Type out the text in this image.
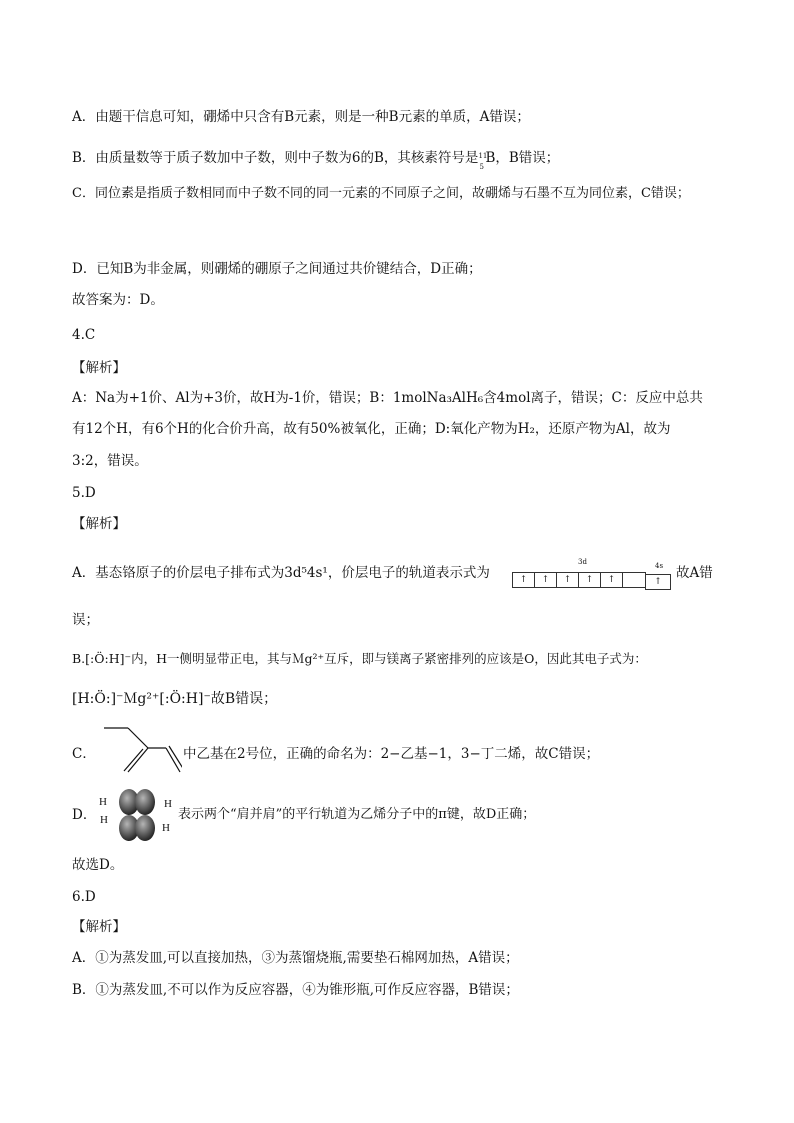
A．由题干信息可知，硼烯中只含有B元素，则是一种B元素的单质，A错误；
B．由质量数等于质子数加中子数，则中子数为6的B，其核素符号是 11
5
B，B错误；
C．同位素是指质子数相同而中子数不同的同一元素的不同原子之间，故硼烯与石墨不互为同位素，C错误；
D．已知B为非金属，则硼烯的硼原子之间通过共价键结合，D正确；
故答案为：D。
4.C
【解析】
A：Na为+1价、Al为+3价，故H为-1价，错误；B：1molNa₃AlH₆含4mol离子，错误；C：反应中总共
有12个H，有6个H的化合价升高，故有50%被氧化，正确；D:氧化产物为H₂，还原产物为Al，故为
3:2，错误。
5.D
【解析】
A．基态铬原子的价层电子排布式为3d⁵4s¹，价层电子的轨道表示式为
3d	4s
↑	↑	↑	↑	↑	↑
故A错
误；
B.[:Ö:H]⁻内，H一侧明显带正电，其与Ｍg²⁺互斥，即与镁离子紧密排列的应该是O，因此其电子式为：
[H:Ö:]⁻Ｍg²⁺[:Ö:H]⁻故B错误；
C．	中乙基在2号位，正确的命名为：2−乙基−1，3−丁二烯，故C错误；
D．
H
H
H
H
表示两个“肩并肩”的平行轨道为乙烯分子中的π键，故D正确；
故选D。
6.D
【解析】
A．①为蒸发皿,可以直接加热，③为蒸馏烧瓶,需要垫石棉网加热，A错误；
B．①为蒸发皿,不可以作为反应容器，④为锥形瓶,可作反应容器，B错误；
